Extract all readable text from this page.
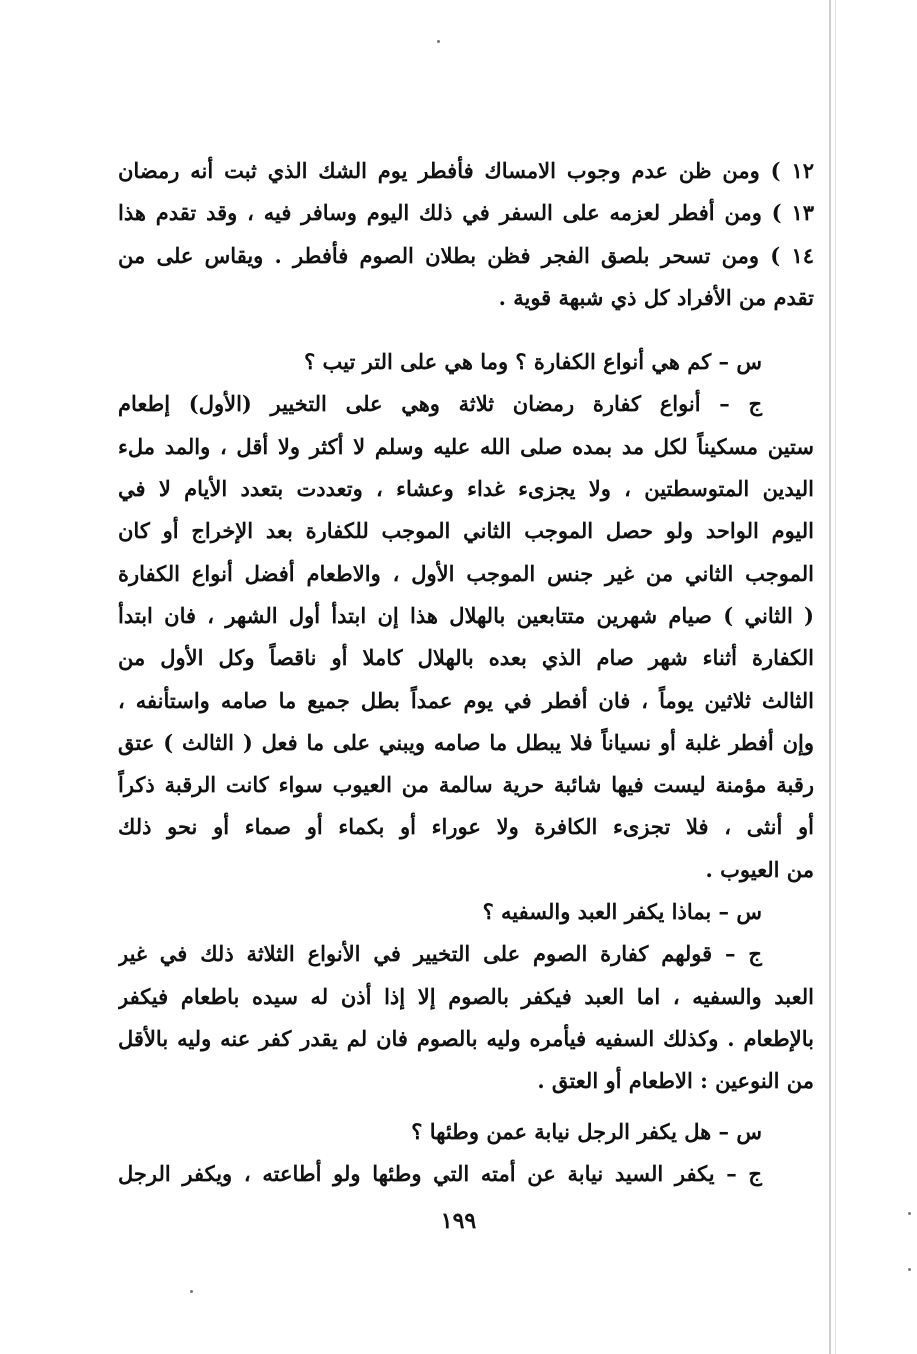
١٢ ) ومن ظن عدم وجوب الامساك فأفطر يوم الشك الذي ثبت أنه رمضان
١٣ ) ومن أفطر لعزمه على السفر في ذلك اليوم وسافر فيه ، وقد تقدم هذا
١٤ ) ومن تسحر بلصق الفجر فظن بطلان الصوم فأفطر . ويقاس على من
تقدم من الأفراد كل ذي شبهة قوية .
س – كم هي أنواع الكفارة ؟ وما هي على التر تيب ؟
ج – أنواع كفارة رمضان ثلاثة وهي على التخيير (الأول) إطعام
ستين مسكيناً لكل مد بمده صلى الله عليه وسلم لا أكثر ولا أقل ، والمد ملء
اليدين المتوسطتين ، ولا يجزىء غداء وعشاء ، وتعددت بتعدد الأيام لا في
اليوم الواحد ولو حصل الموجب الثاني الموجب للكفارة بعد الإخراج أو كان
الموجب الثاني من غير جنس الموجب الأول ، والاطعام أفضل أنواع الكفارة
( الثاني ) صيام شهرين متتابعين بالهلال هذا إن ابتدأ أول الشهر ، فان ابتدأ
الكفارة أثناء شهر صام الذي بعده بالهلال كاملا أو ناقصاً وكل الأول من
الثالث ثلاثين يوماً ، فان أفطر في يوم عمداً بطل جميع ما صامه واستأنفه ،
وإن أفطر غلبة أو نسياناً فلا يبطل ما صامه ويبني على ما فعل ( الثالث ) عتق
رقبة مؤمنة ليست فيها شائبة حرية سالمة من العيوب سواء كانت الرقبة ذكراً
أو أنثى ، فلا تجزىء الكافرة ولا عوراء أو بكماء أو صماء أو نحو ذلك
من العيوب .
س – بماذا يكفر العبد والسفيه ؟
ج – قولهم كفارة الصوم على التخيير في الأنواع الثلاثة ذلك في غير
العبد والسفيه ، اما العبد فيكفر بالصوم إلا إذا أذن له سيده باطعام فيكفر
بالإطعام . وكذلك السفيه فيأمره وليه بالصوم فان لم يقدر كفر عنه وليه بالأقل
من النوعين : الاطعام أو العتق .
س – هل يكفر الرجل نيابة عمن وطئها ؟
ج – يكفر السيد نيابة عن أمته التي وطئها ولو أطاعته ، ويكفر الرجل
١٩٩
